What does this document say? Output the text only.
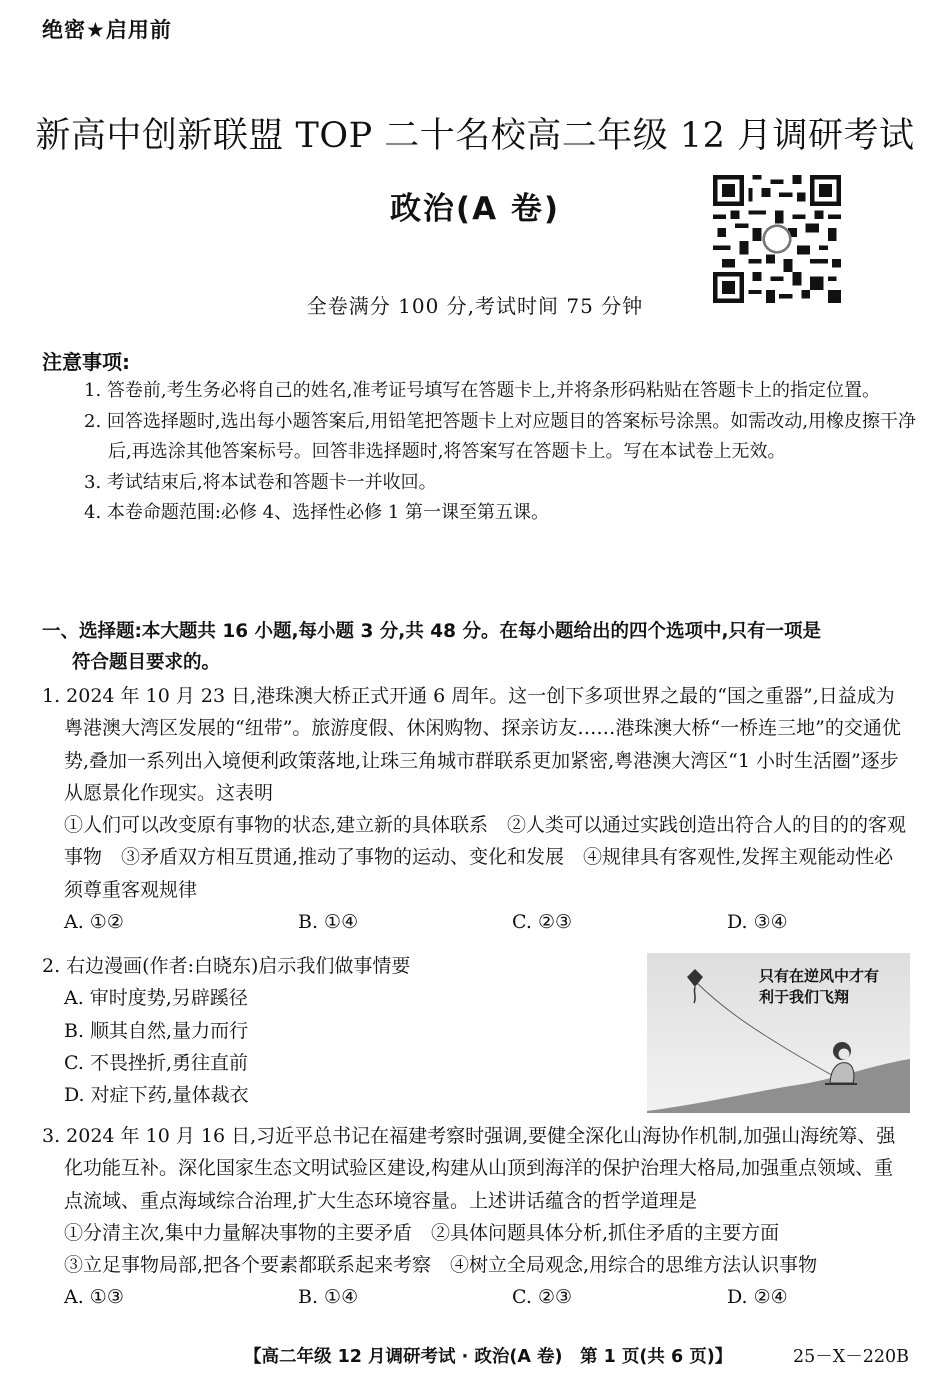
绝密★启用前
新高中创新联盟 TOP 二十名校高二年级 12 月调研考试
政治(A 卷)
全卷满分 100 分,考试时间 75 分钟
注意事项:
1. 答卷前,考生务必将自己的姓名,准考证号填写在答题卡上,并将条形码粘贴在答题卡上的指定位置。
2. 回答选择题时,选出每小题答案后,用铅笔把答题卡上对应题目的答案标号涂黑。如需改动,用橡皮擦干净后,再选涂其他答案标号。回答非选择题时,将答案写在答题卡上。写在本试卷上无效。
3. 考试结束后,将本试卷和答题卡一并收回。
4. 本卷命题范围:必修 4、选择性必修 1 第一课至第五课。
一、选择题:本大题共 16 小题,每小题 3 分,共 48 分。在每小题给出的四个选项中,只有一项是
符合题目要求的。
1. 2024 年 10 月 23 日,港珠澳大桥正式开通 6 周年。这一创下多项世界之最的“国之重器”,日益成为粤港澳大湾区发展的“纽带”。旅游度假、休闲购物、探亲访友……港珠澳大桥“一桥连三地”的交通优势,叠加一系列出入境便利政策落地,让珠三角城市群联系更加紧密,粤港澳大湾区“1 小时生活圈”逐步从愿景化作现实。这表明
①人们可以改变原有事物的状态,建立新的具体联系　②人类可以通过实践创造出符合人的目的的客观事物　③矛盾双方相互贯通,推动了事物的运动、变化和发展　④规律具有客观性,发挥主观能动性必须尊重客观规律
A. ①②	B. ①④	C. ②③	D. ③④
2. 右边漫画(作者:白晓东)启示我们做事情要
A. 审时度势,另辟蹊径
B. 顺其自然,量力而行
C. 不畏挫折,勇往直前
D. 对症下药,量体裁衣
只有在逆风中才有
利于我们飞翔
3. 2024 年 10 月 16 日,习近平总书记在福建考察时强调,要健全深化山海协作机制,加强山海统筹、强化功能互补。深化国家生态文明试验区建设,构建从山顶到海洋的保护治理大格局,加强重点领域、重点流域、重点海域综合治理,扩大生态环境容量。上述讲话蕴含的哲学道理是
①分清主次,集中力量解决事物的主要矛盾　②具体问题具体分析,抓住矛盾的主要方面
③立足事物局部,把各个要素都联系起来考察　④树立全局观念,用综合的思维方法认识事物
A. ①③	B. ①④	C. ②③	D. ②④
【高二年级 12 月调研考试 · 政治(A 卷)　第 1 页(共 6 页)】	25－X－220B
